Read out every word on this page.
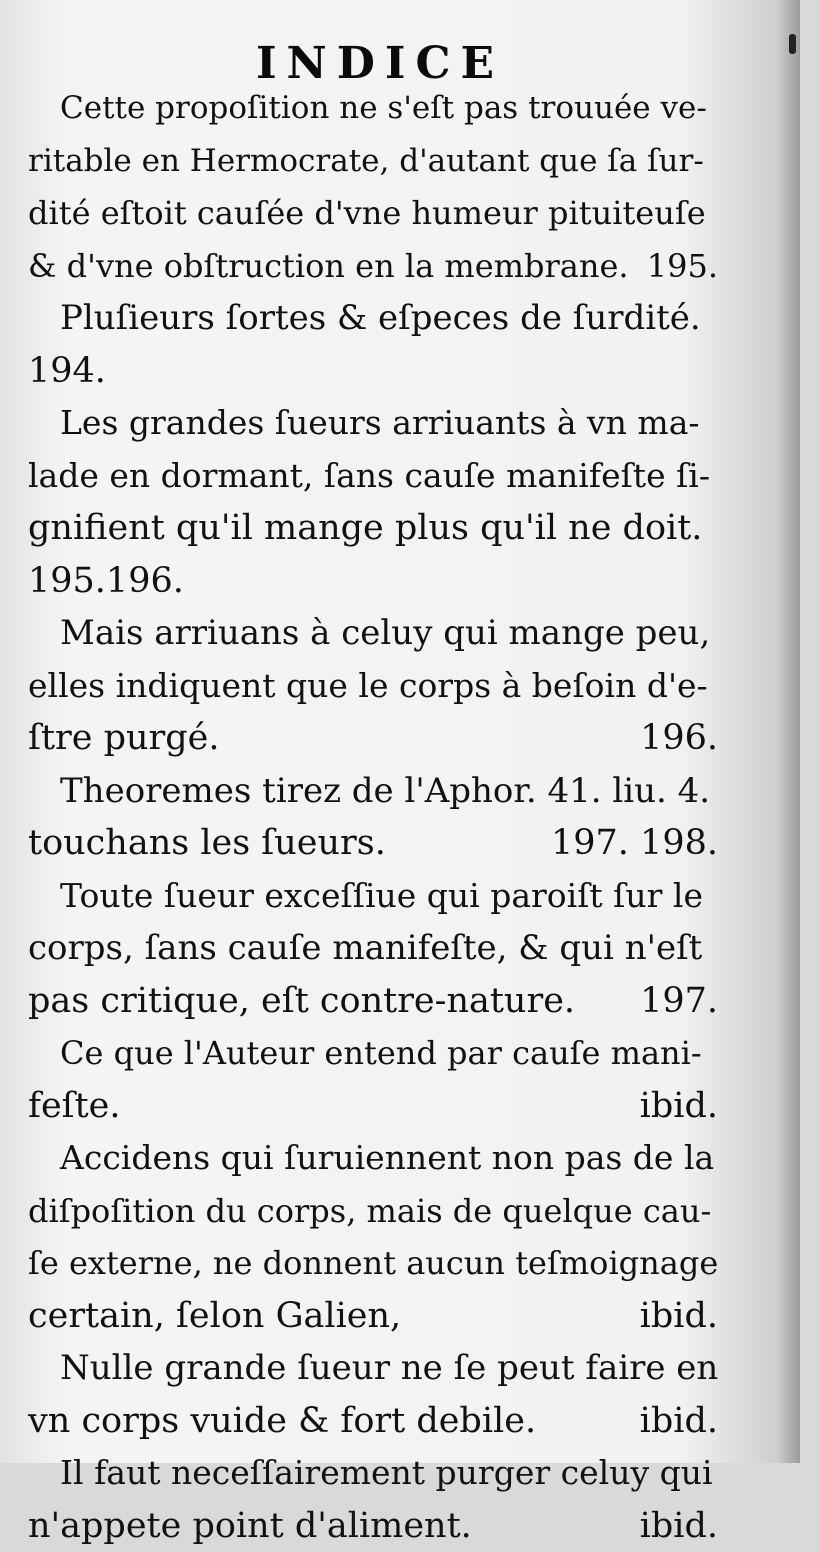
INDICE
Cette propoſition ne s'eſt pas trouuée ve-
ritable en Hermocrate, d'autant que ſa ſur-
dité eſtoit cauſée d'vne humeur pituiteuſe
& d'vne obſtruction en la membrane. 195.
Pluſieurs ſortes & eſpeces de ſurdité.
194.
Les grandes ſueurs arriuants à vn ma-
lade en dormant, ſans cauſe manifeſte ſi-
gnifient qu'il mange plus qu'il ne doit.
195.196.
Mais arriuans à celuy qui mange peu,
elles indiquent que le corps à beſoin d'e-
ſtre purgé.	196.
Theoremes tirez de l'Aphor. 41. liu. 4.
touchans les ſueurs.	197. 198.
Toute ſueur exceſſiue qui paroiſt ſur le
corps, ſans cauſe manifeſte, & qui n'eſt
pas critique, eſt contre-nature.	197.
Ce que l'Auteur entend par cauſe mani-
feſte.	ibid.
Accidens qui ſuruiennent non pas de la
diſpoſition du corps, mais de quelque cau-
ſe externe, ne donnent aucun teſmoignage
certain, ſelon Galien,	ibid.
Nulle grande ſueur ne ſe peut faire en
vn corps vuide & fort debile.	ibid.
Il faut neceſſairement purger celuy qui
n'appete point d'aliment.	ibid.
